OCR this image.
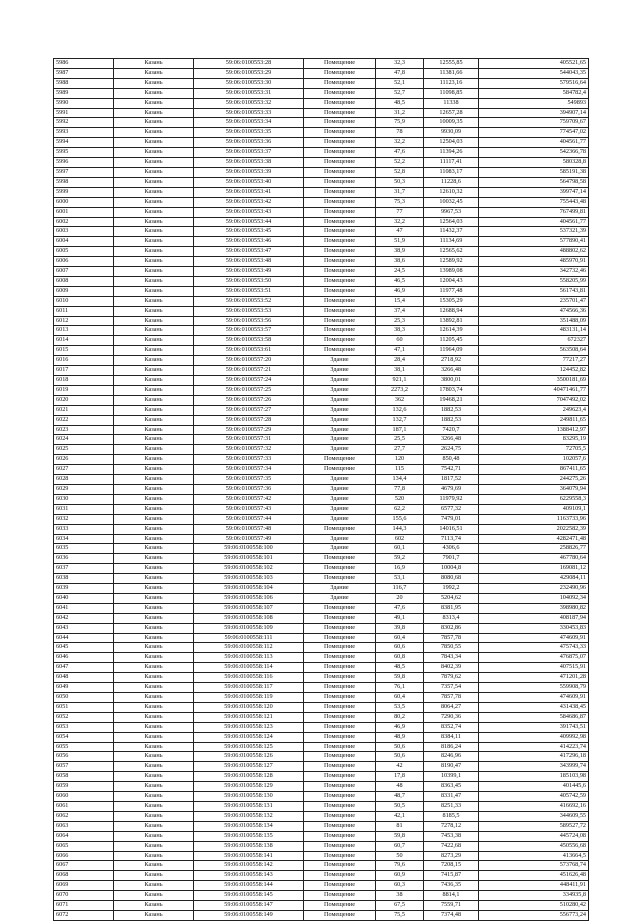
5986	Казань	59:06:0100553:28	Помещение	32,3	12555,85	405521,65
5987	Казань	59:06:0100553:29	Помещение	47,8	11381,66	544043,35
5988	Казань	59:06:0100553:30	Помещение	52,1	11123,16	579516,64
5989	Казань	59:06:0100553:31	Помещение	52,7	11098,85	584782,4
5990	Казань	59:06:0100553:32	Помещение	48,5	11338	549893
5991	Казань	59:06:0100553:33	Помещение	31,2	12657,28	394907,14
5992	Казань	59:06:0100553:34	Помещение	75,9	10009,35	759709,67
5993	Казань	59:06:0100553:35	Помещение	78	9930,09	774547,02
5994	Казань	59:06:0100553:36	Помещение	32,2	12504,03	404561,77
5995	Казань	59:06:0100553:37	Помещение	47,6	11394,26	542366,78
5996	Казань	59:06:0100553:38	Помещение	52,2	11117,41	580328,8
5997	Казань	59:06:0100553:39	Помещение	52,8	11083,17	585191,38
5998	Казань	59:06:0100553:40	Помещение	50,3	11228,6	564798,58
5999	Казань	59:06:0100553:41	Помещение	31,7	12610,32	399747,14
6000	Казань	59:06:0100553:42	Помещение	75,3	10032,45	755443,48
6001	Казань	59:06:0100553:43	Помещение	77	9967,53	767499,81
6002	Казань	59:06:0100553:44	Помещение	32,2	12564,03	404561,77
6003	Казань	59:06:0100553:45	Помещение	47	11432,37	537321,39
6004	Казань	59:06:0100553:46	Помещение	51,9	11134,69	577890,41
6005	Казань	59:06:0100553:47	Помещение	38,9	12565,62	488802,62
6006	Казань	59:06:0100553:48	Помещение	38,6	12589,92	485970,91
6007	Казань	59:06:0100553:49	Помещение	24,5	13989,08	342732,46
6008	Казань	59:06:0100553:50	Помещение	46,5	12004,43	558205,99
6009	Казань	59:06:0100553:51	Помещение	46,9	11977,48	561743,81
6010	Казань	59:06:0100553:52	Помещение	15,4	15305,29	235701,47
6011	Казань	59:06:0100553:53	Помещение	37,4	12688,94	474566,36
6012	Казань	59:06:0100553:56	Помещение	25,3	13892,81	351488,09
6013	Казань	59:06:0100553:57	Помещение	38,3	12614,39	483131,14
6014	Казань	59:06:0100553:58	Помещение	60	11205,45	672327
6015	Казань	59:06:0100553:61	Помещение	47,1	11964,09	563508,64
6016	Казань	59:06:0100557:20	Здание	28,4	2718,92	77217,27
6017	Казань	59:06:0100557:21	Здание	38,1	3266,48	124452,82
6018	Казань	59:06:0100557:24	Здание	921,1	3800,01	3500181,69
6019	Казань	59:06:0100557:25	Здание	2273,2	17803,74	40471461,77
6020	Казань	59:06:0100557:26	Здание	362	19468,21	7047492,02
6021	Казань	59:06:0100557:27	Здание	132,6	1882,53	249623,4
6022	Казань	59:06:0100557:28	Здание	132,7	1882,53	249811,65
6023	Казань	59:06:0100557:29	Здание	187,1	7420,7	1388412,97
6024	Казань	59:06:0100557:31	Здание	25,5	3266,48	83295,19
6025	Казань	59:06:0100557:32	Здание	27,7	2624,75	72705,5
6026	Казань	59:06:0100557:33	Помещение	120	850,48	102057,6
6027	Казань	59:06:0100557:34	Помещение	115	7542,71	867411,65
6028	Казань	59:06:0100557:35	Здание	134,4	1817,52	244275,26
6029	Казань	59:06:0100557:36	Здание	77,8	4679,69	364079,94
6030	Казань	59:06:0100557:42	Здание	520	11979,92	6229558,3
6031	Казань	59:06:0100557:43	Здание	62,2	6577,32	409109,1
6032	Казань	59:06:0100557:44	Здание	155,6	7479,01	1163733,96
6033	Казань	59:06:0100557:48	Помещение	144,3	14016,51	2022582,39
6034	Казань	59:06:0100557:49	Здание	602	7113,74	4282471,48
6035	Казань	59:06:0100558:100	Здание	60,1	4306,6	258826,77
6036	Казань	59:06:0100558:101	Помещение	59,2	7901,7	467780,64
6037	Казань	59:06:0100558:102	Помещение	16,9	10004,8	169081,12
6038	Казань	59:06:0100558:103	Помещение	53,1	8080,68	429084,11
6039	Казань	59:06:0100558:104	Здание	116,7	1992,2	232490,96
6040	Казань	59:06:0100558:106	Здание	20	5204,62	104092,34
6041	Казань	59:06:0100558:107	Помещение	47,6	8381,95	398980,82
6042	Казань	59:06:0100558:108	Помещение	49,1	8313,4	408187,94
6043	Казань	59:06:0100558:109	Помещение	39,8	8302,86	330453,83
6044	Казань	59:06:0100558:111	Помещение	60,4	7857,78	474609,91
6045	Казань	59:06:0100558:112	Помещение	60,6	7850,55	475743,33
6046	Казань	59:06:0100558:113	Помещение	60,8	7843,34	476875,07
6047	Казань	59:06:0100558:114	Помещение	48,5	8402,39	407515,91
6048	Казань	59:06:0100558:116	Помещение	59,8	7879,62	471201,28
6049	Казань	59:06:0100558:117	Помещение	76,1	7357,54	559908,79
6050	Казань	59:06:0100558:119	Помещение	60,4	7857,78	474609,91
6051	Казань	59:06:0100558:120	Помещение	53,5	8064,27	431438,45
6052	Казань	59:06:0100558:121	Помещение	80,2	7290,36	584686,87
6053	Казань	59:06:0100558:123	Помещение	46,9	8352,74	391743,51
6054	Казань	59:06:0100558:124	Помещение	48,9	8384,11	409992,98
6055	Казань	59:06:0100558:125	Помещение	50,6	8186,24	414223,74
6056	Казань	59:06:0100558:126	Помещение	50,6	8246,96	417296,18
6057	Казань	59:06:0100558:127	Помещение	42	8190,47	343999,74
6058	Казань	59:06:0100558:128	Помещение	17,8	10399,1	185103,98
6059	Казань	59:06:0100558:129	Помещение	48	8363,45	401445,6
6060	Казань	59:06:0100558:130	Помещение	48,7	8331,47	405742,59
6061	Казань	59:06:0100558:131	Помещение	50,5	8251,33	416692,16
6062	Казань	59:06:0100558:132	Помещение	42,1	8185,5	344609,55
6063	Казань	59:06:0100558:134	Помещение	81	7278,12	589527,72
6064	Казань	59:06:0100558:135	Помещение	59,8	7453,38	445724,08
6065	Казань	59:06:0100558:138	Помещение	60,7	7422,68	450556,68
6066	Казань	59:06:0100558:141	Помещение	50	8273,29	413664,5
6067	Казань	59:06:0100558:142	Помещение	79,6	7208,15	573768,74
6068	Казань	59:06:0100558:143	Помещение	60,9	7415,87	451626,48
6069	Казань	59:06:0100558:144	Помещение	60,3	7436,35	448411,91
6070	Казань	59:06:0100558:145	Помещение	38	8814,1	334935,8
6071	Казань	59:06:0100558:147	Помещение	67,5	7559,71	510280,42
6072	Казань	59:06:0100558:149	Помещение	75,5	7374,48	556773,24
